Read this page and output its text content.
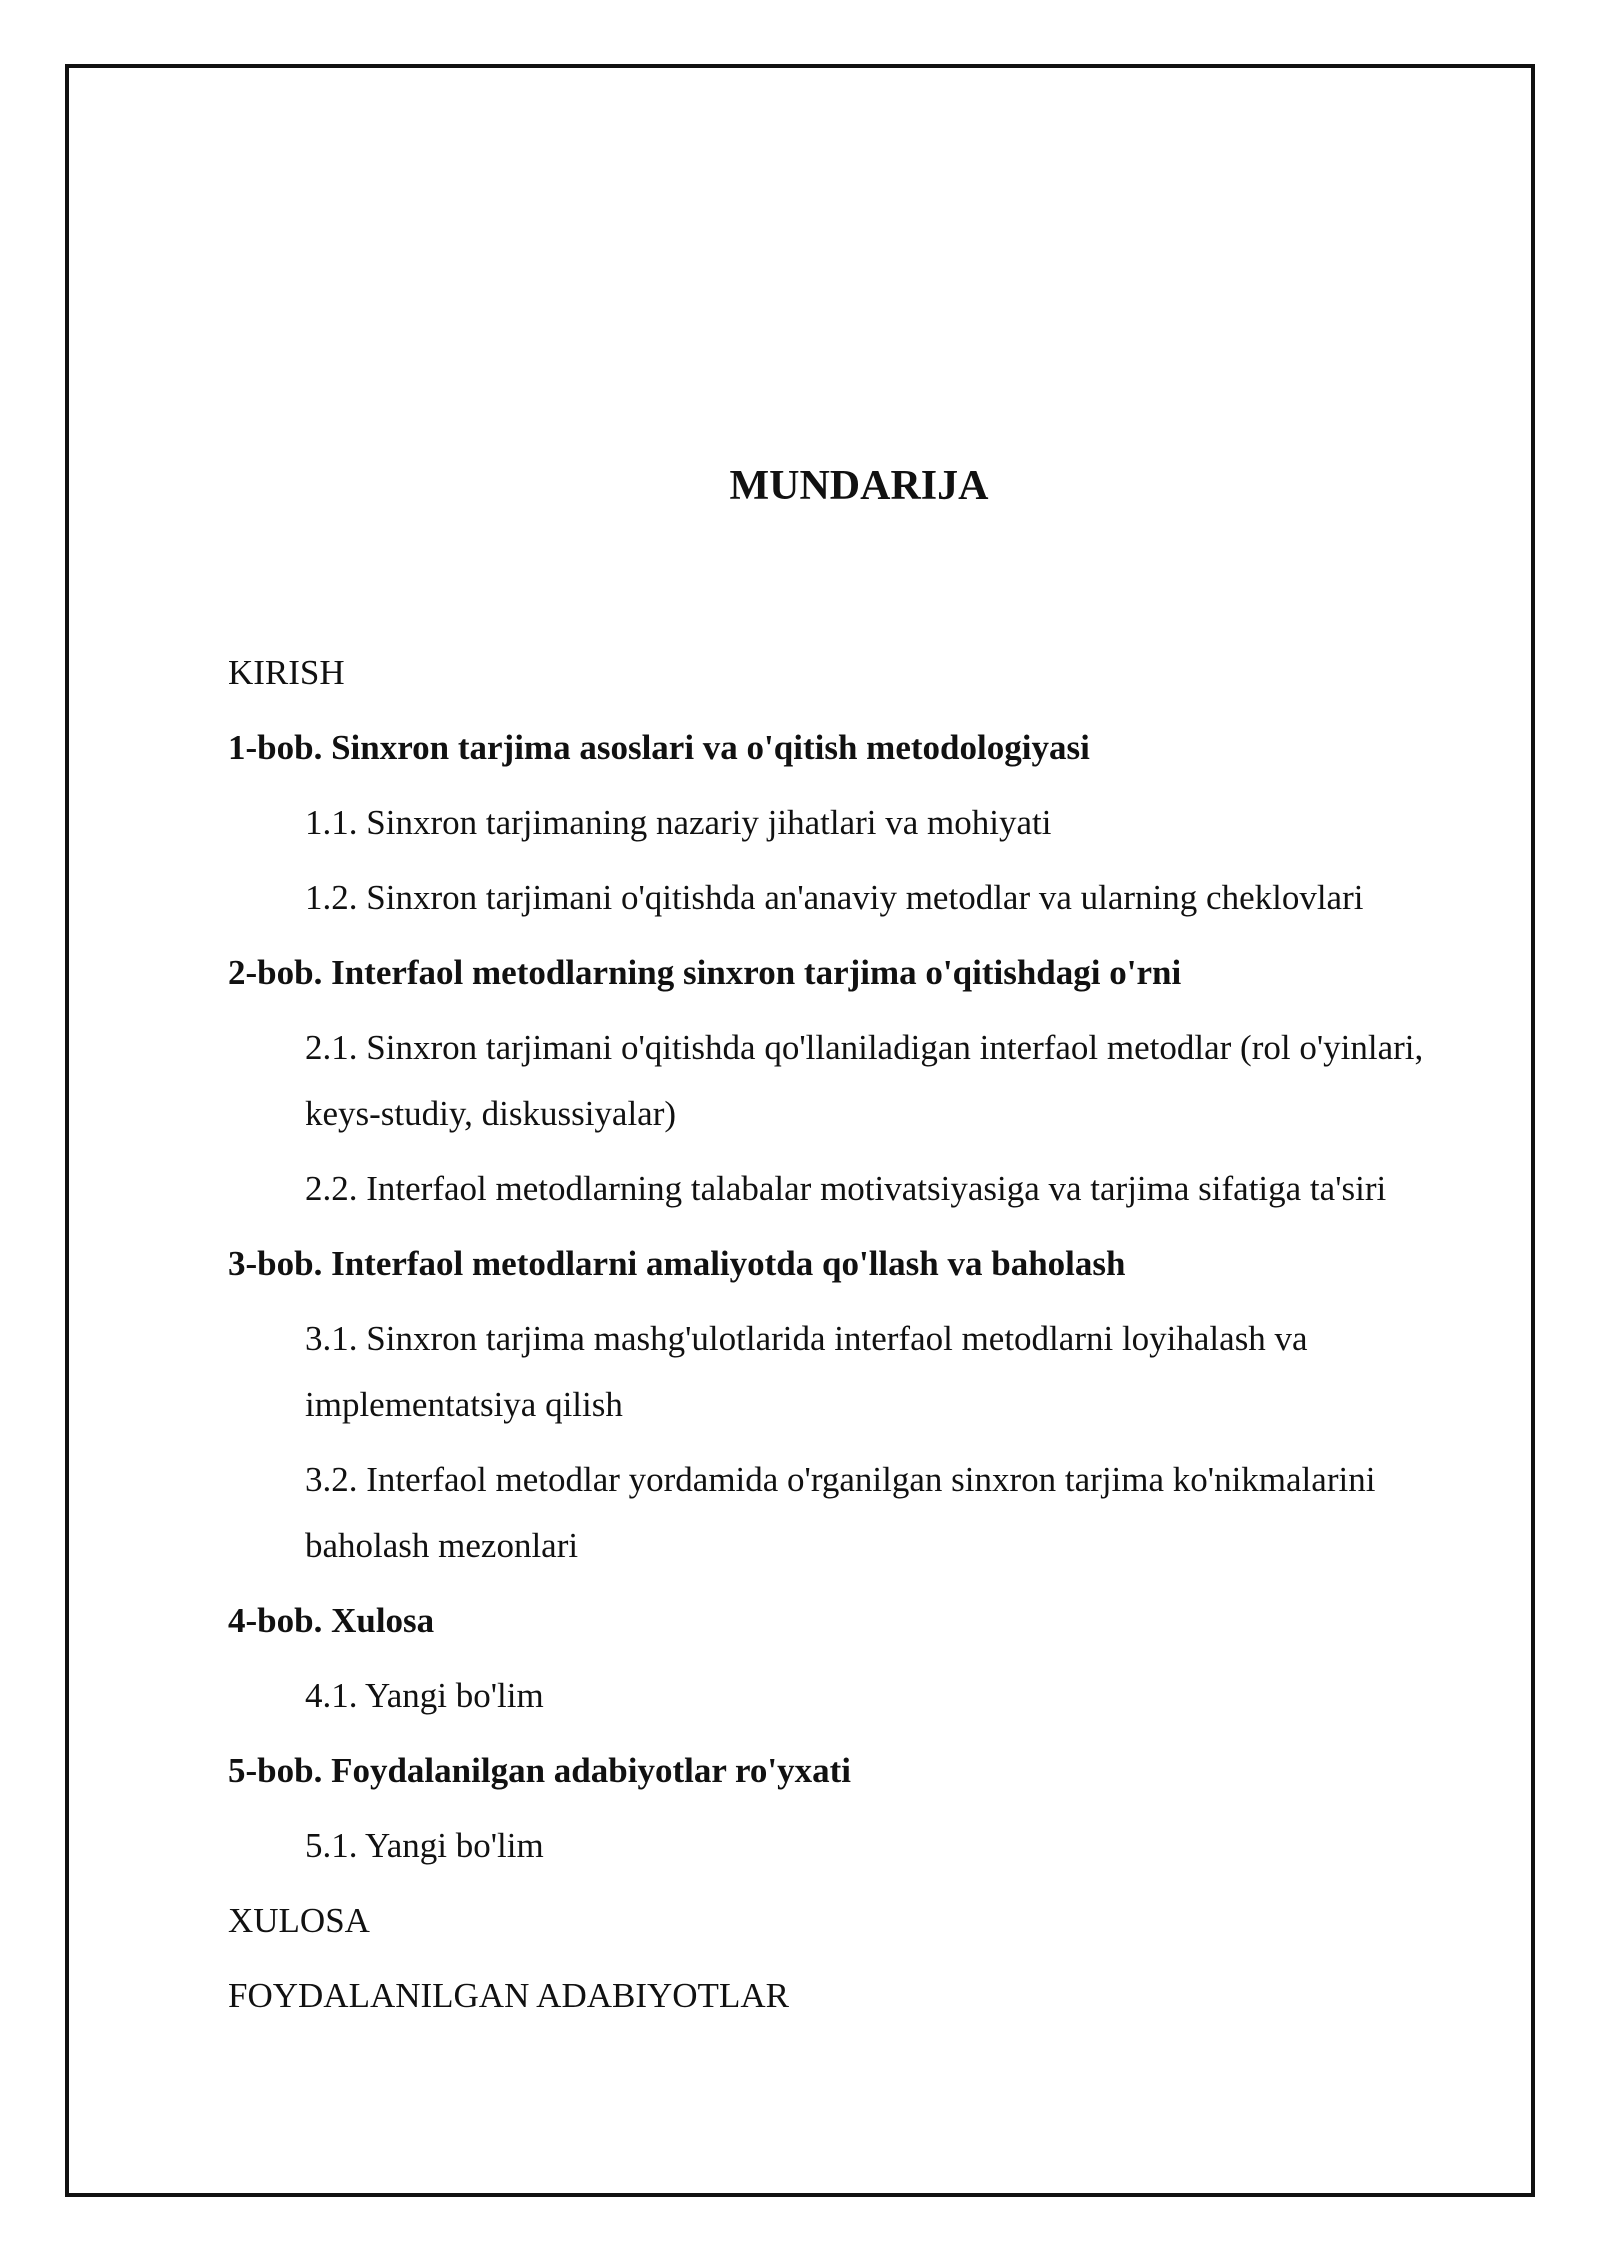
MUNDARIJA
KIRISH
1-bob. Sinxron tarjima asoslari va o'qitish metodologiyasi
1.1. Sinxron tarjimaning nazariy jihatlari va mohiyati
1.2. Sinxron tarjimani o'qitishda an'anaviy metodlar va ularning cheklovlari
2-bob. Interfaol metodlarning sinxron tarjima o'qitishdagi o'rni
2.1. Sinxron tarjimani o'qitishda qo'llaniladigan interfaol metodlar (rol o'yinlari, keys-studiy, diskussiyalar)
2.2. Interfaol metodlarning talabalar motivatsiyasiga va tarjima sifatiga ta'siri
3-bob. Interfaol metodlarni amaliyotda qo'llash va baholash
3.1. Sinxron tarjima mashg'ulotlarida interfaol metodlarni loyihalash va implementatsiya qilish
3.2. Interfaol metodlar yordamida o'rganilgan sinxron tarjima ko'nikmalarini baholash mezonlari
4-bob. Xulosa
4.1. Yangi bo'lim
5-bob. Foydalanilgan adabiyotlar ro'yxati
5.1. Yangi bo'lim
XULOSA
FOYDALANILGAN ADABIYOTLAR
